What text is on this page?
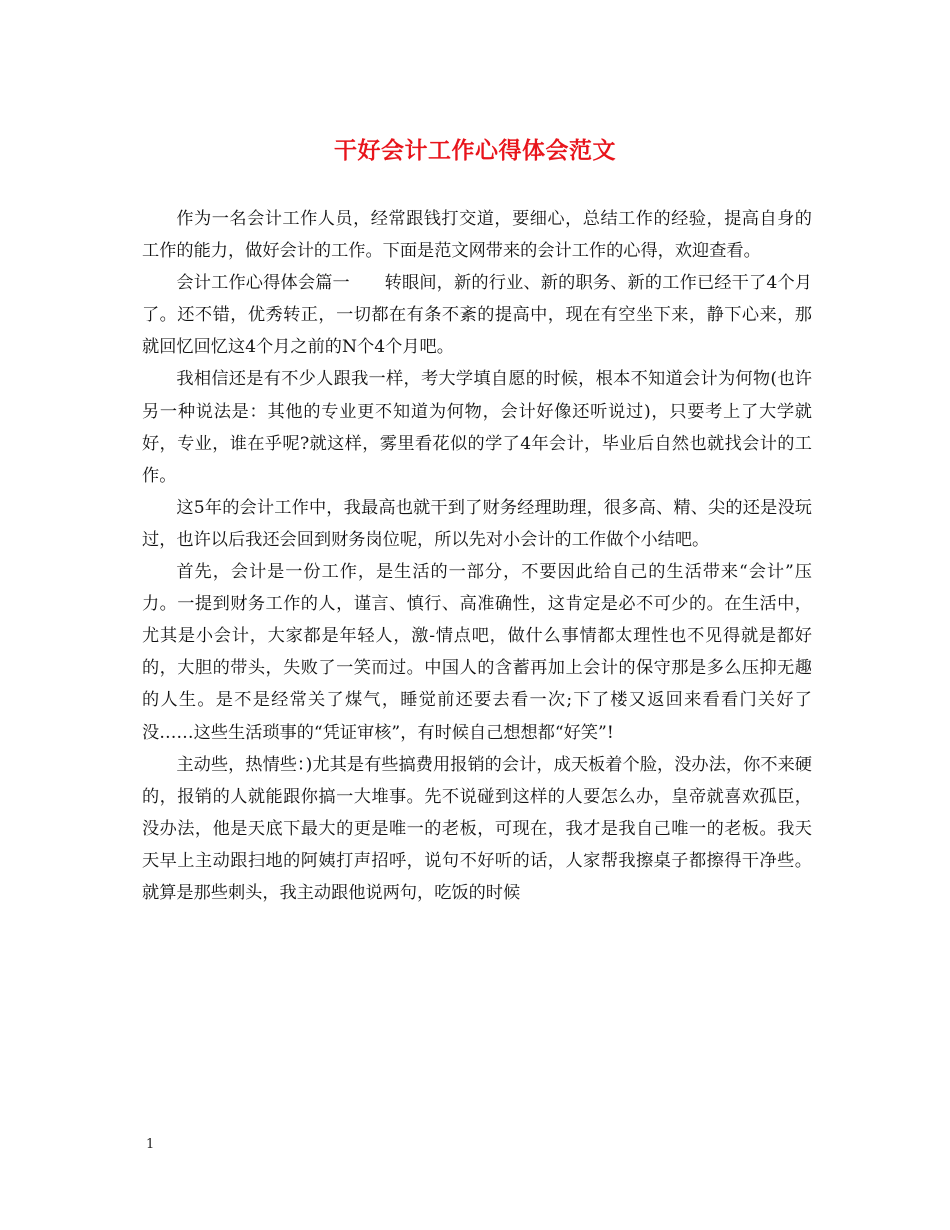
干好会计工作心得体会范文

作为一名会计工作人员，经常跟钱打交道，要细心，总结工作的经验，提高自身的工作的能力，做好会计的工作。下面是范文网带来的会计工作的心得，欢迎查看。

会计工作心得体会篇一　　转眼间，新的行业、新的职务、新的工作已经干了4个月了。还不错，优秀转正，一切都在有条不紊的提高中，现在有空坐下来，静下心来，那就回忆回忆这4个月之前的N个4个月吧。

我相信还是有不少人跟我一样，考大学填自愿的时候，根本不知道会计为何物(也许另一种说法是：其他的专业更不知道为何物，会计好像还听说过)，只要考上了大学就好，专业，谁在乎呢?就这样，雾里看花似的学了4年会计，毕业后自然也就找会计的工作。

这5年的会计工作中，我最高也就干到了财务经理助理，很多高、精、尖的还是没玩过，也许以后我还会回到财务岗位呢，所以先对小会计的工作做个小结吧。

首先，会计是一份工作，是生活的一部分，不要因此给自己的生活带来“会计”压力。一提到财务工作的人，谨言、慎行、高准确性，这肯定是必不可少的。在生活中，尤其是小会计，大家都是年轻人，激-情点吧，做什么事情都太理性也不见得就是都好的，大胆的带头，失败了一笑而过。中国人的含蓄再加上会计的保守那是多么压抑无趣的人生。是不是经常关了煤气，睡觉前还要去看一次;下了楼又返回来看看门关好了没……这些生活琐事的“凭证审核”，有时候自己想想都“好笑”!

主动些，热情些：)尤其是有些搞费用报销的会计，成天板着个脸，没办法，你不来硬的，报销的人就能跟你搞一大堆事。先不说碰到这样的人要怎么办，皇帝就喜欢孤臣，没办法，他是天底下最大的更是唯一的老板，可现在，我才是我自己唯一的老板。我天天早上主动跟扫地的阿姨打声招呼，说句不好听的话，人家帮我擦桌子都擦得干净些。就算是那些刺头，我主动跟他说两句，吃饭的时候

1
